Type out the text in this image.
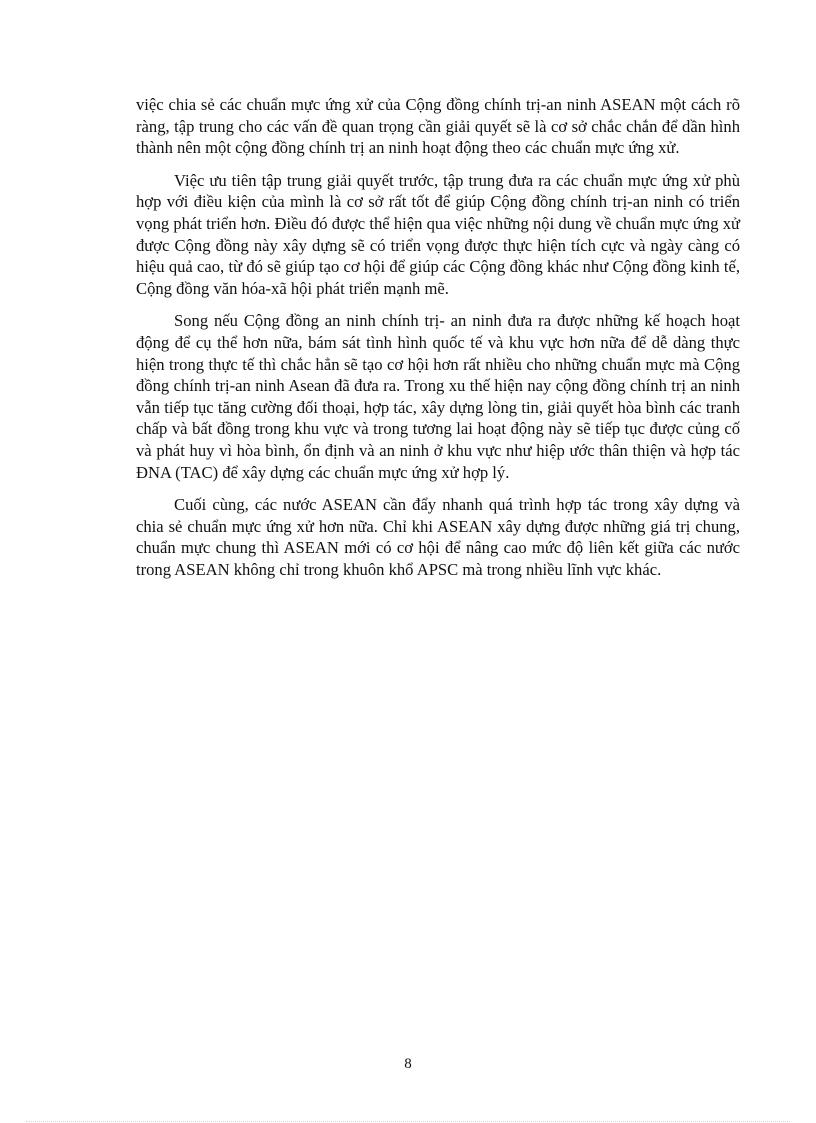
việc chia sẻ các chuẩn mực ứng xử của Cộng đồng chính trị-an ninh ASEAN một cách rõ ràng, tập trung cho các vấn đề quan trọng cần giải quyết sẽ là cơ sở chắc chắn để dần hình thành nên một cộng đồng chính trị an ninh hoạt động theo các chuẩn mực ứng xử.

Việc ưu tiên tập trung giải quyết trước, tập trung đưa ra các chuẩn mực ứng xử phù hợp với điều kiện của mình là cơ sở rất tốt để giúp Cộng đồng chính trị-an ninh có triển vọng phát triển hơn. Điều đó được thể hiện qua việc những nội dung về chuẩn mực ứng xử được Cộng đồng này xây dựng sẽ có triển vọng được thực hiện tích cực và ngày càng có hiệu quả cao, từ đó sẽ giúp tạo cơ hội để giúp các Cộng đồng khác như Cộng đồng kinh tế, Cộng đồng văn hóa-xã hội phát triển mạnh mẽ.

Song nếu Cộng đồng an ninh chính trị- an ninh đưa ra được những kế hoạch hoạt động để cụ thể hơn nữa, bám sát tình hình quốc tế và khu vực hơn nữa để dễ dàng thực hiện trong thực tế thì chắc hẳn sẽ tạo cơ hội hơn rất nhiều cho những chuẩn mực mà Cộng đồng chính trị-an ninh Asean đã đưa ra. Trong xu thế hiện nay cộng đồng chính trị an ninh vẫn tiếp tục tăng cường đối thoại, hợp tác, xây dựng lòng tin, giải quyết hòa bình các tranh chấp và bất đồng trong khu vực và trong tương lai hoạt động này sẽ tiếp tục được củng cố và phát huy vì hòa bình, ổn định và an ninh ở khu vực như hiệp ước thân thiện và hợp tác ĐNA (TAC) để xây dựng các chuẩn mực ứng xử hợp lý.

Cuối cùng, các nước ASEAN cần đẩy nhanh quá trình hợp tác trong xây dựng và chia sẻ chuẩn mực ứng xử hơn nữa. Chỉ khi ASEAN xây dựng được những giá trị chung, chuẩn mực chung thì ASEAN mới có cơ hội để nâng cao mức độ liên kết giữa các nước trong ASEAN không chỉ trong khuôn khổ APSC mà trong nhiều lĩnh vực khác.

8
